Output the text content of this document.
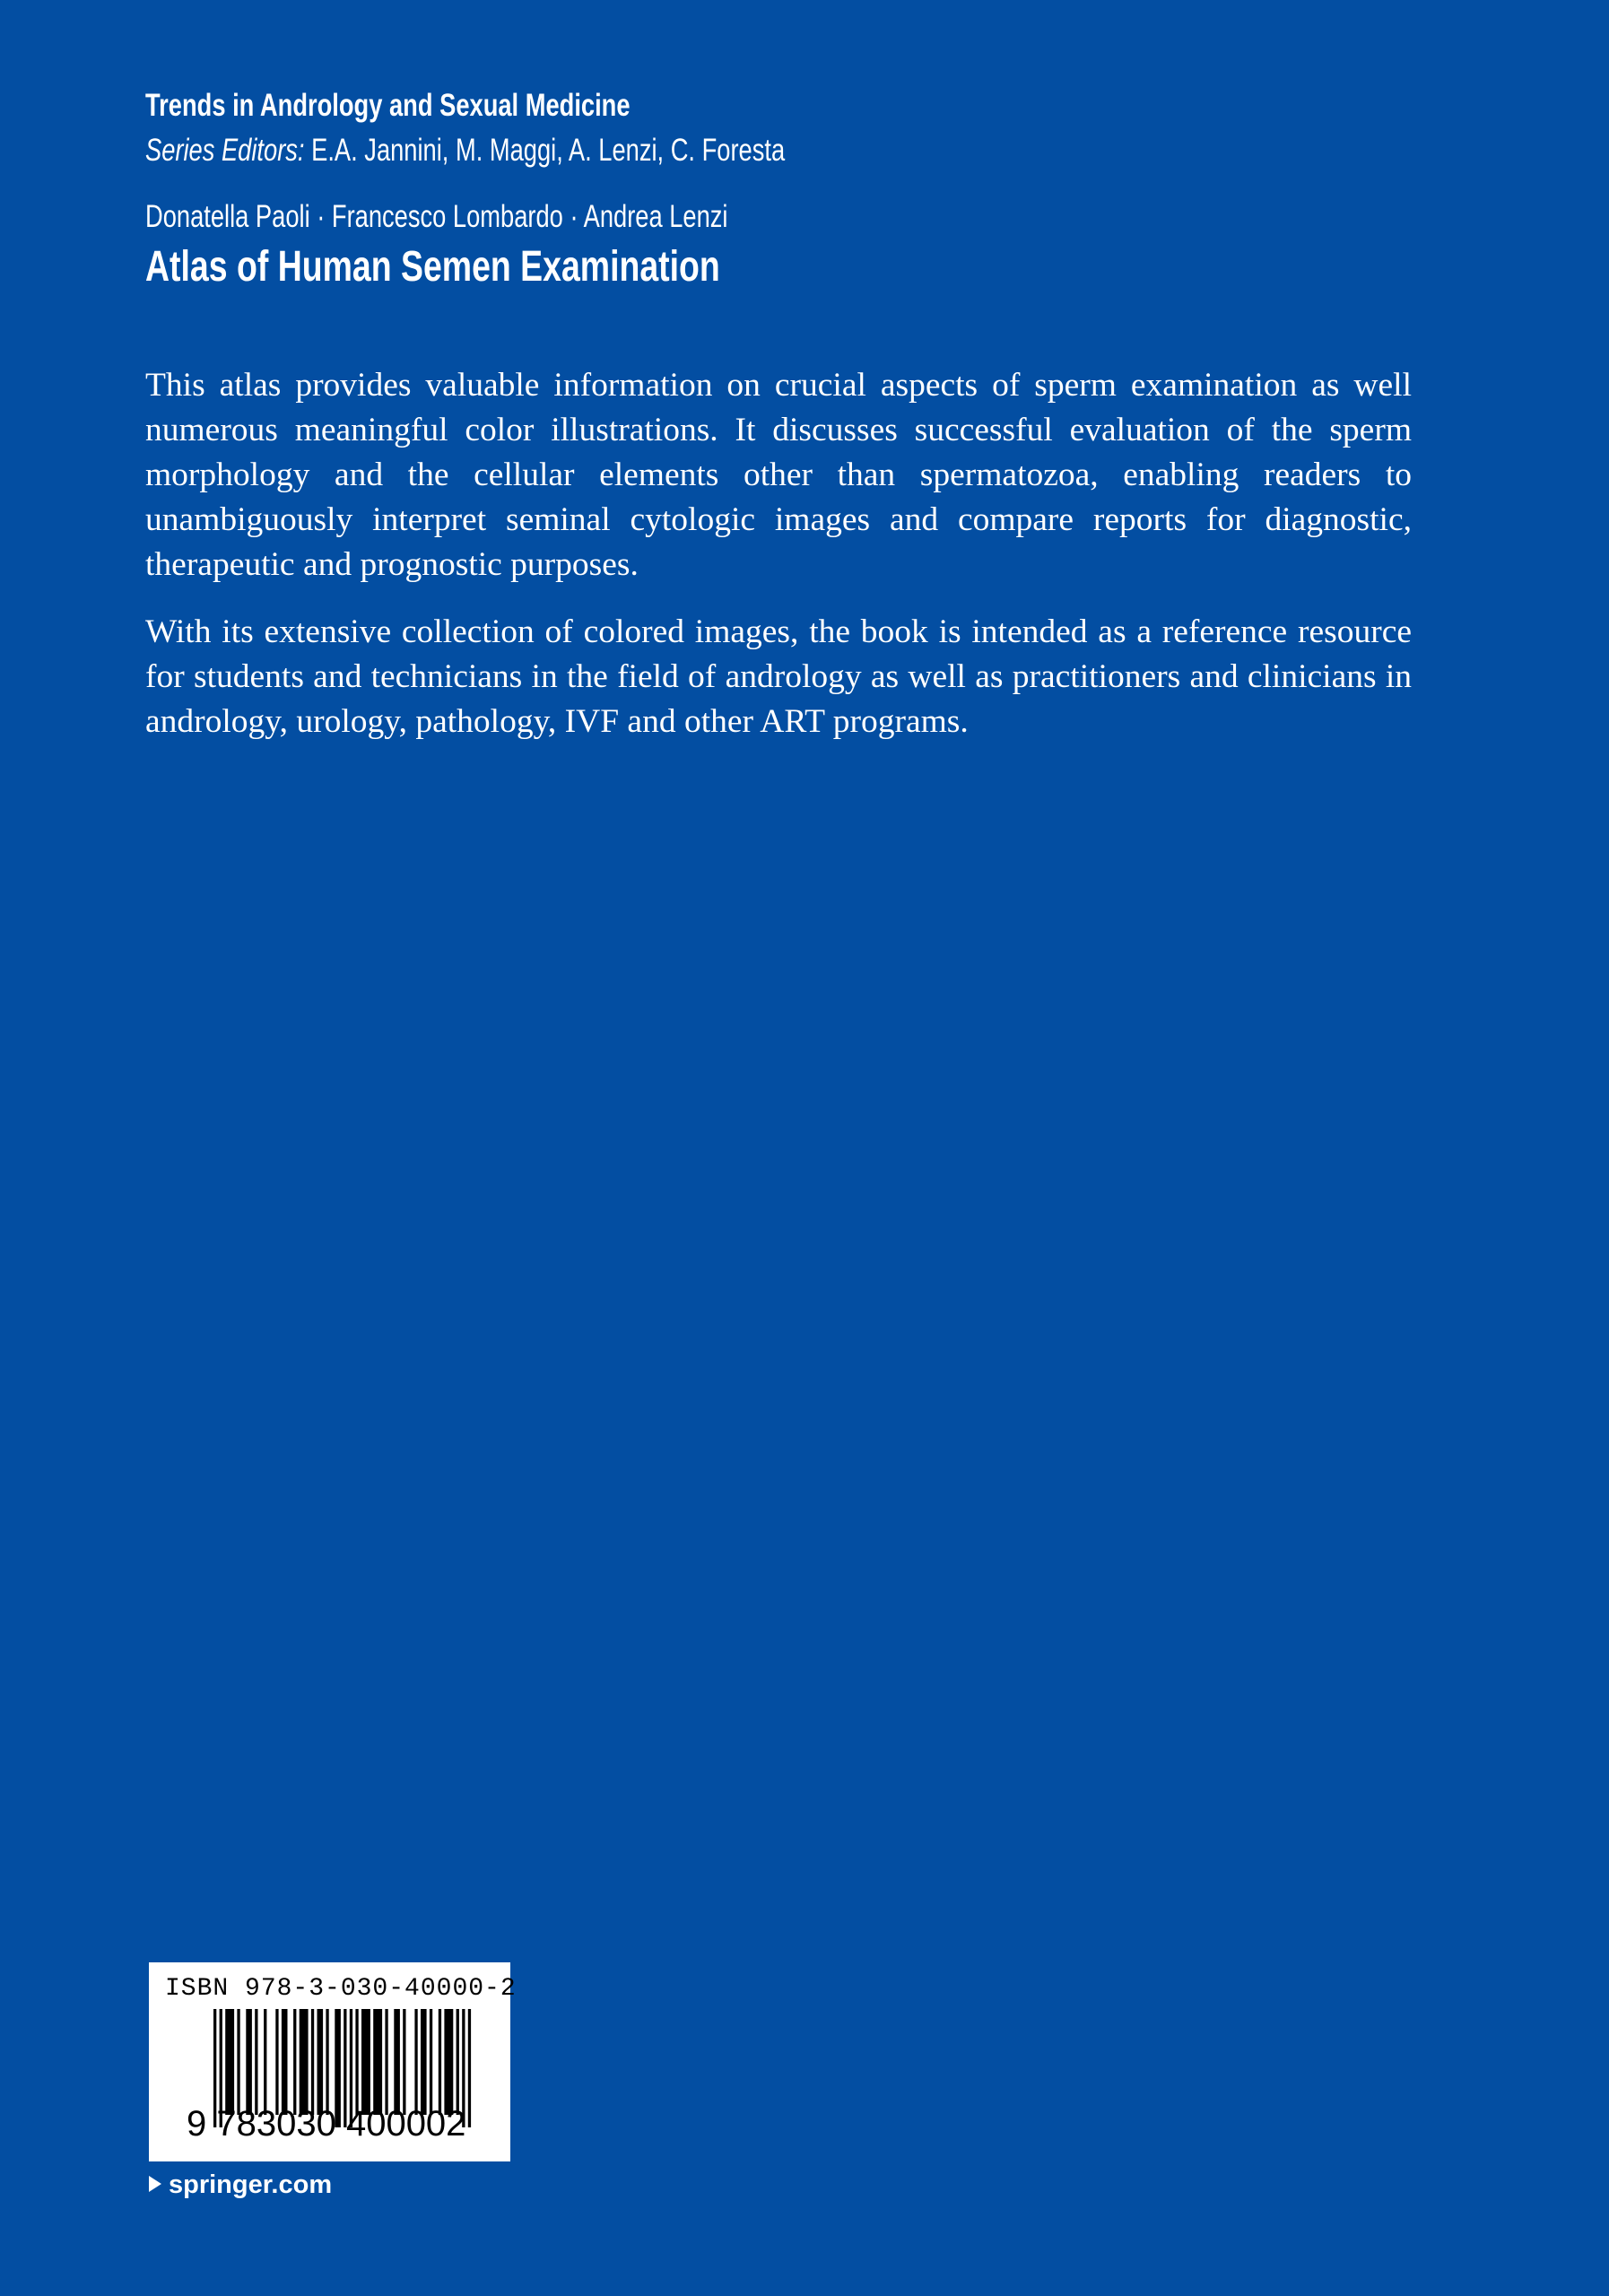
Trends in Andrology and Sexual Medicine
Series Editors: E.A. Jannini, M. Maggi, A. Lenzi, C. Foresta
Donatella Paoli · Francesco Lombardo · Andrea Lenzi
Atlas of Human Semen Examination

This atlas provides valuable information on crucial aspects of sperm examination as well numerous meaningful color illustrations. It discusses successful evaluation of the sperm morphology and the cellular elements other than spermatozoa, enabling readers to unambiguously interpret seminal cytologic images and compare reports for diagnostic, therapeutic and prognostic purposes.

With its extensive collection of colored images, the book is intended as a reference resource for students and technicians in the field of andrology as well as practitioners and clinicians in andrology, urology, pathology, IVF and other ART programs.

ISBN 978-3-030-40000-2
9 783030 400002
springer.com
